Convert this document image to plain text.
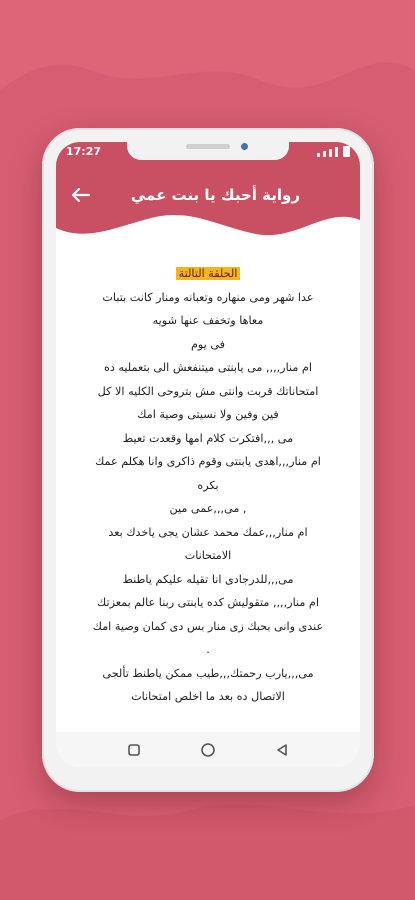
17:27
رواية أحبك يا بنت عمي
الحلقة التالتة
عدا شهر ومى منهاره وتعبانه ومنار كانت بتبات
معاها وتخفف عنها شويه
فى يوم
ام منار,,,, مى يابنتى ميتنفعش الى بتعمليه ده
امتحاناتك قربت وانتى مش بتروحى الكليه الا كل
فين وفين ولا نسيتى وصية امك
مى ,,,افتكرت كلام امها وقعدت تعيط
ام منار,,,اهدى يابنتى وقوم ذاكرى وانا هكلم عمك
بكره
, مى,,,عمى مين
ام منار,,,عمك محمد عشان يجى ياخدك بعد
الامتحانات
مى,,,للدرجادى انا تقيله عليكم ياطنط
ام منار,,,, متقوليش كده يابنتى ربنا عالم بمعزتك
عندى وانى بحبك زى منار بس دى كمان وصية امك
.
مى,,,يارب رحمتك,,,طيب ممكن ياطنط تألجى
الاتصال ده بعد ما اخلص امتحانات
